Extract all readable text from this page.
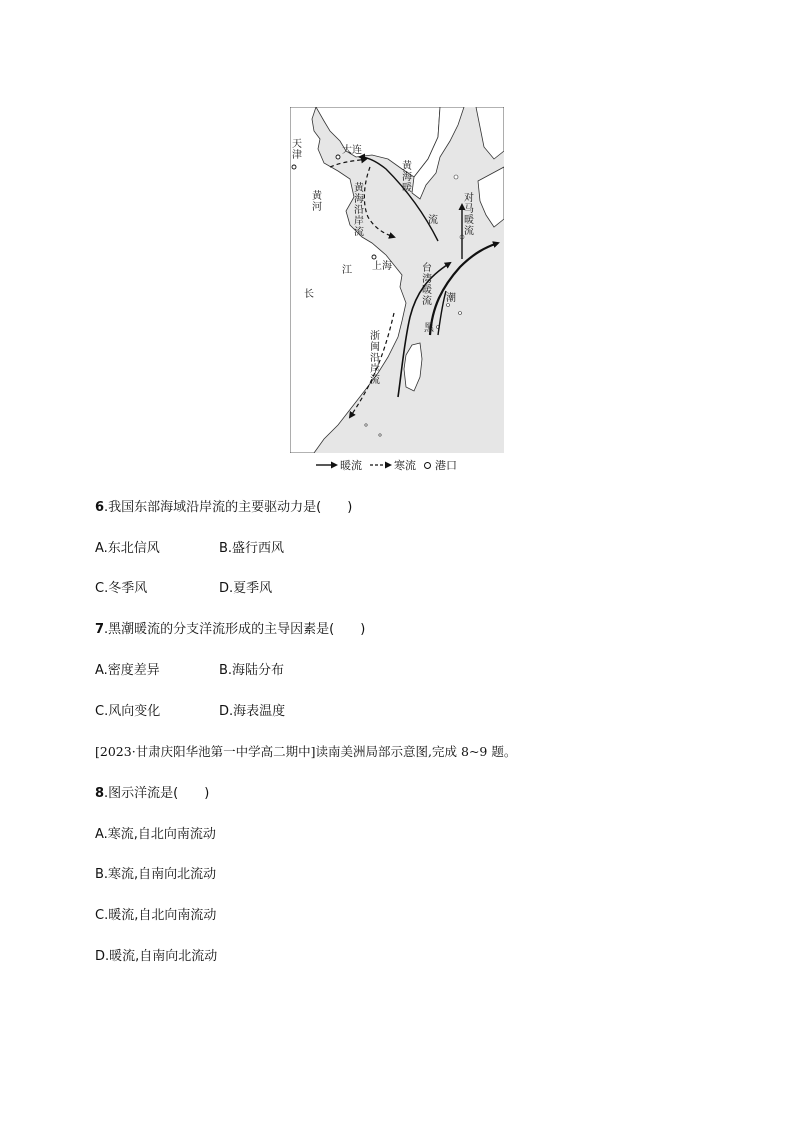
天津	大连
黄河
黄海暖
流
黄海沿岸流
上海
江
长
台湾暖流
对马暖流
潮
黑
浙闽沿岸流
暖流	寒流 港口
6.我国东部海域沿岸流的主要驱动力是(　　)
A.东北信风	B.盛行西风
C.冬季风	D.夏季风
7.黑潮暖流的分支洋流形成的主导因素是(　　)
A.密度差异	B.海陆分布
C.风向变化	D.海表温度
[2023·甘肃庆阳华池第一中学高二期中]读南美洲局部示意图,完成 8~9 题。
8.图示洋流是(　　)
A.寒流,自北向南流动
B.寒流,自南向北流动
C.暖流,自北向南流动
D.暖流,自南向北流动
